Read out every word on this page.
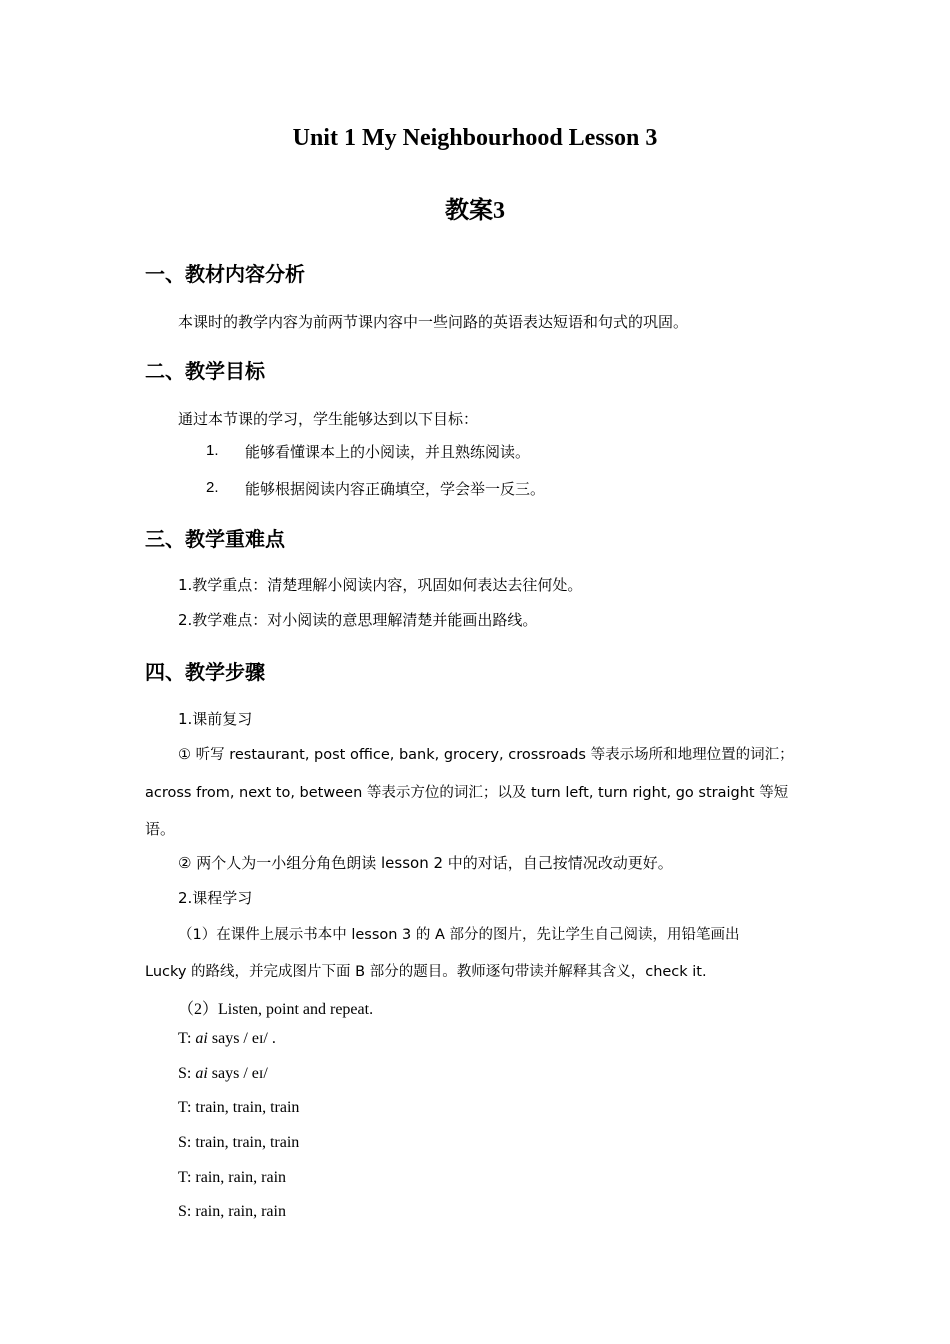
Unit 1 My Neighbourhood Lesson 3
教案3
一、教材内容分析
本课时的教学内容为前两节课内容中一些问路的英语表达短语和句式的巩固。
二、教学目标
通过本节课的学习，学生能够达到以下目标：
1. 能够看懂课本上的小阅读，并且熟练阅读。
2. 能够根据阅读内容正确填空，学会举一反三。
三、教学重难点
1.教学重点：清楚理解小阅读内容，巩固如何表达去往何处。
2.教学难点：对小阅读的意思理解清楚并能画出路线。
四、教学步骤
1.课前复习
① 听写 restaurant, post office, bank, grocery, crossroads 等表示场所和地理位置的词汇；
across from, next to, between 等表示方位的词汇；以及 turn left, turn right, go straight 等短
语。
② 两个人为一小组分角色朗读 lesson 2 中的对话，自己按情况改动更好。
2.课程学习
（1）在课件上展示书本中 lesson 3 的 A 部分的图片，先让学生自己阅读，用铅笔画出
Lucky 的路线，并完成图片下面 B 部分的题目。教师逐句带读并解释其含义，check it.
（2）Listen, point and repeat.
T: ai says / eɪ/ .
S: ai says / eɪ/
T: train, train, train
S: train, train, train
T: rain, rain, rain
S: rain, rain, rain
